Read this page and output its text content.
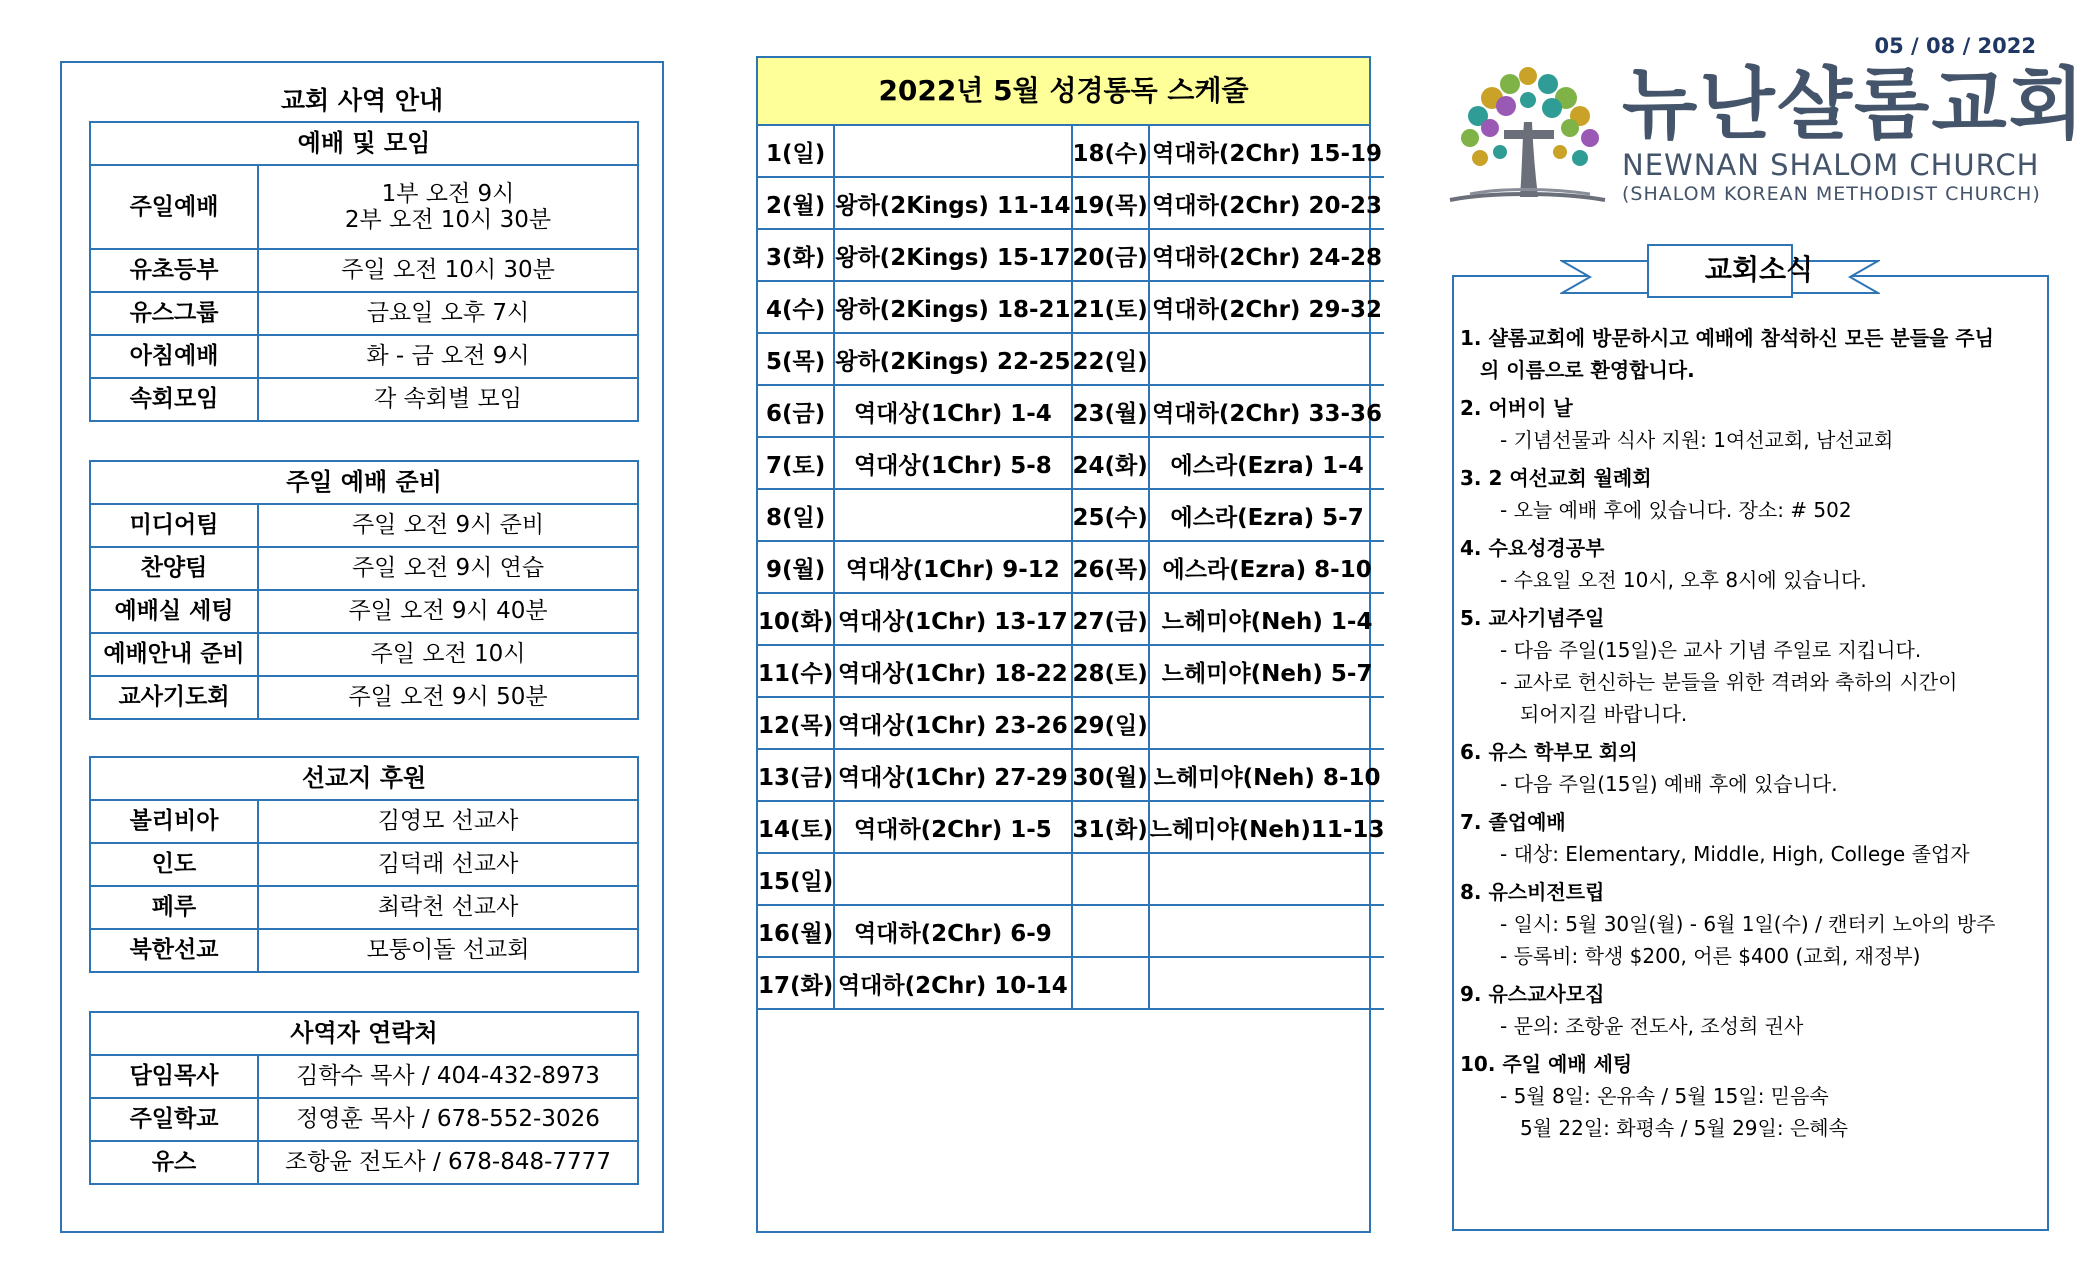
교회 사역 안내
예배 및 모임	
주일예배	1부 오전 9시
2부 오전 10시 30분
유초등부	주일 오전 10시 30분
유스그룹	금요일 오후 7시
아침예배	화 - 금 오전 9시
속회모임	각 속회별 모임
주일 예배 준비	
미디어팀	주일 오전 9시 준비
찬양팀	주일 오전 9시 연습
예배실 세팅	주일 오전 9시 40분
예배안내 준비	주일 오전 10시
교사기도회	주일 오전 9시 50분
선교지 후원	
볼리비아	김영모 선교사
인도	김덕래 선교사
페루	최락천 선교사
북한선교	모퉁이돌 선교회
사역자 연락처	
담임목사	김학수 목사 / 404-432-8973
주일학교	정영훈 목사 / 678-552-3026
유스	조항윤 전도사 / 678-848-7777
2022년 5월 성경통독 스케줄
1(일)		18(수)	역대하(2Chr) 15-19
2(월)	왕하(2Kings) 11-14	19(목)	역대하(2Chr) 20-23
3(화)	왕하(2Kings) 15-17	20(금)	역대하(2Chr) 24-28
4(수)	왕하(2Kings) 18-21	21(토)	역대하(2Chr) 29-32
5(목)	왕하(2Kings) 22-25	22(일)	
6(금)	역대상(1Chr) 1-4	23(월)	역대하(2Chr) 33-36
7(토)	역대상(1Chr) 5-8	24(화)	에스라(Ezra) 1-4
8(일)		25(수)	에스라(Ezra) 5-7
9(월)	역대상(1Chr) 9-12	26(목)	에스라(Ezra) 8-10
10(화)	역대상(1Chr) 13-17	27(금)	느헤미야(Neh) 1-4
11(수)	역대상(1Chr) 18-22	28(토)	느헤미야(Neh) 5-7
12(목)	역대상(1Chr) 23-26	29(일)	
13(금)	역대상(1Chr) 27-29	30(월)	느헤미야(Neh) 8-10
14(토)	역대하(2Chr) 1-5	31(화)	느헤미야(Neh)11-13
15(일)			
16(월)	역대하(2Chr) 6-9		
17(화)	역대하(2Chr) 10-14		
05 / 08 / 2022
뉴난샬롬교회
NEWNAN SHALOM CHURCH
(SHALOM KOREAN METHODIST CHURCH)
교회소식
1. 샬롬교회에 방문하시고 예배에 참석하신 모든 분들을 주님
의 이름으로 환영합니다.
2. 어버이 날
- 기념선물과 식사 지원: 1여선교회, 남선교회
3. 2 여선교회 월례회
- 오늘 예배 후에 있습니다. 장소: # 502
4. 수요성경공부
- 수요일 오전 10시, 오후 8시에 있습니다.
5. 교사기념주일
- 다음 주일(15일)은 교사 기념 주일로 지킵니다.
- 교사로 헌신하는 분들을 위한 격려와 축하의 시간이
되어지길 바랍니다.
6. 유스 학부모 회의
- 다음 주일(15일) 예배 후에 있습니다.
7. 졸업예배
- 대상: Elementary, Middle, High, College 졸업자
8. 유스비전트립
- 일시: 5월 30일(월) - 6월 1일(수) / 캔터키 노아의 방주
- 등록비: 학생 $200, 어른 $400 (교회, 재정부)
9. 유스교사모집
- 문의: 조항윤 전도사, 조성희 권사
10. 주일 예배 세팅
- 5월 8일: 온유속 / 5월 15일: 믿음속
5월 22일: 화평속 / 5월 29일: 은혜속
